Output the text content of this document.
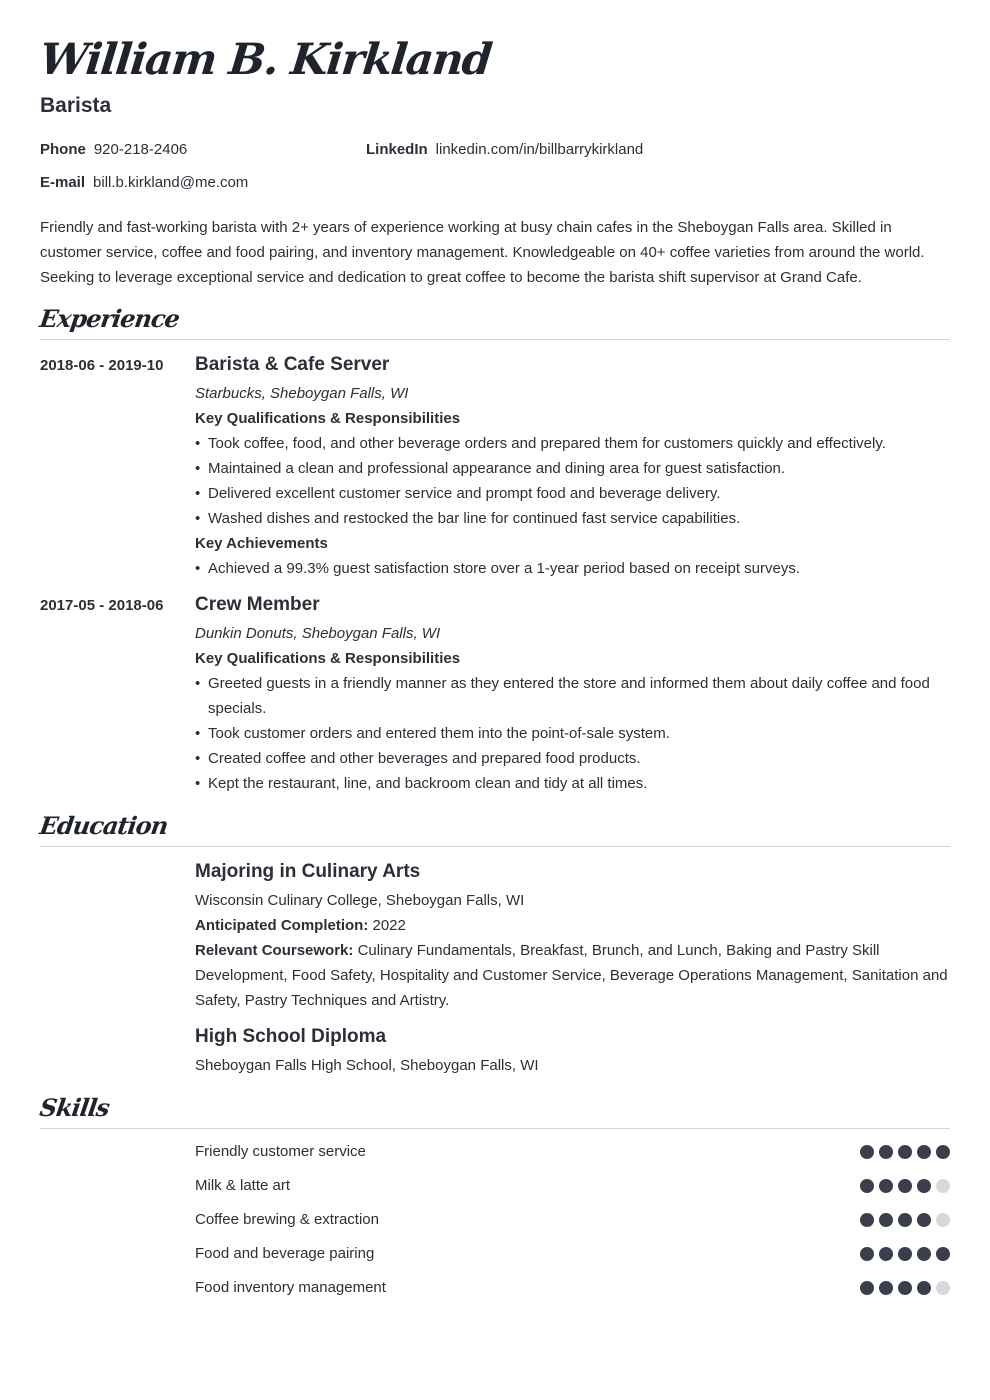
William B. Kirkland
Barista
Phone 920-218-2406	LinkedIn linkedin.com/in/billbarrykirkland
E-mail bill.b.kirkland@me.com
Friendly and fast-working barista with 2+ years of experience working at busy chain cafes in the Sheboygan Falls area. Skilled in customer service, coffee and food pairing, and inventory management. Knowledgeable on 40+ coffee varieties from around the world. Seeking to leverage exceptional service and dedication to great coffee to become the barista shift supervisor at Grand Cafe.
Experience
2018-06 - 2019-10 Barista & Cafe Server
Starbucks, Sheboygan Falls, WI
Key Qualifications & Responsibilities
• Took coffee, food, and other beverage orders and prepared them for customers quickly and effectively.
• Maintained a clean and professional appearance and dining area for guest satisfaction.
• Delivered excellent customer service and prompt food and beverage delivery.
• Washed dishes and restocked the bar line for continued fast service capabilities.
Key Achievements
• Achieved a 99.3% guest satisfaction store over a 1-year period based on receipt surveys.
2017-05 - 2018-06 Crew Member
Dunkin Donuts, Sheboygan Falls, WI
Key Qualifications & Responsibilities
• Greeted guests in a friendly manner as they entered the store and informed them about daily coffee and food specials.
• Took customer orders and entered them into the point-of-sale system.
• Created coffee and other beverages and prepared food products.
• Kept the restaurant, line, and backroom clean and tidy at all times.
Education
Majoring in Culinary Arts
Wisconsin Culinary College, Sheboygan Falls, WI
Anticipated Completion: 2022
Relevant Coursework: Culinary Fundamentals, Breakfast, Brunch, and Lunch, Baking and Pastry Skill Development, Food Safety, Hospitality and Customer Service, Beverage Operations Management, Sanitation and Safety, Pastry Techniques and Artistry.
High School Diploma
Sheboygan Falls High School, Sheboygan Falls, WI
Skills
Friendly customer service
Milk & latte art
Coffee brewing & extraction
Food and beverage pairing
Food inventory management
